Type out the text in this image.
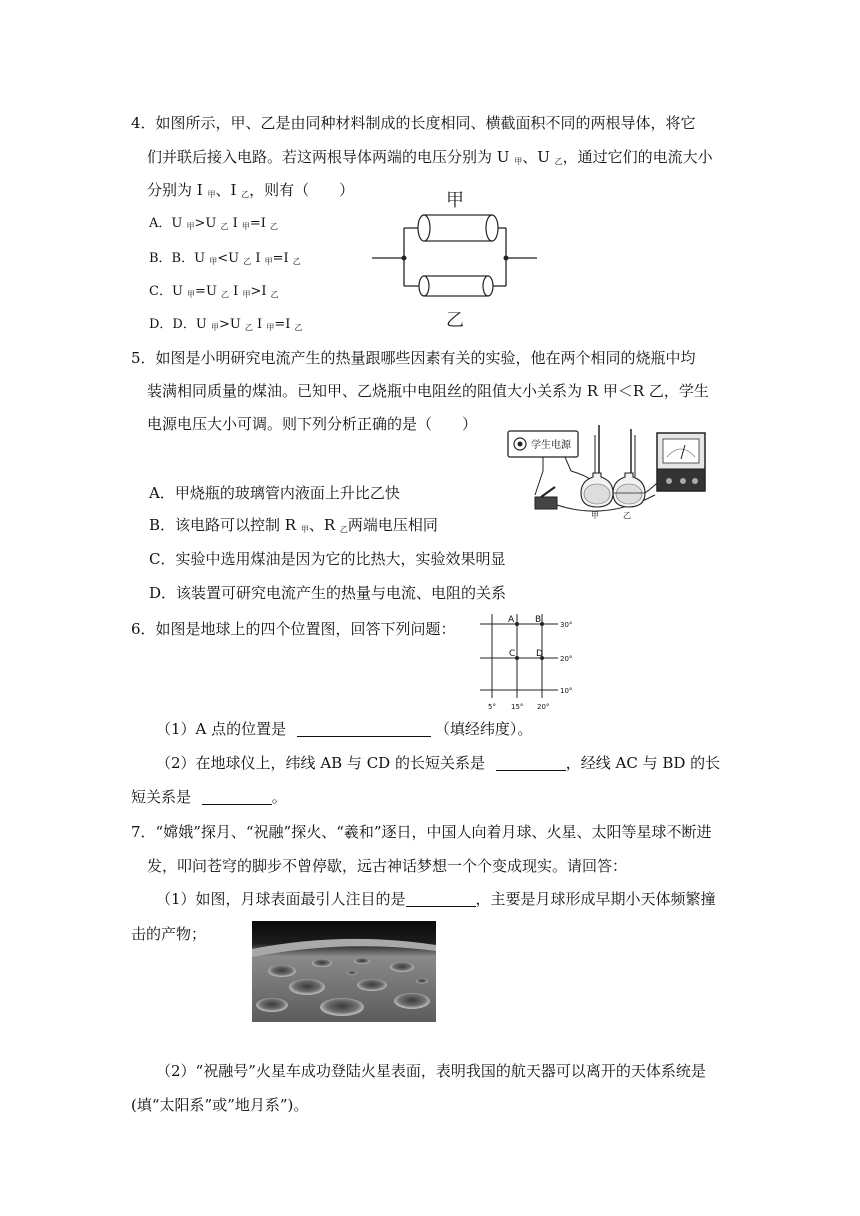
4．如图所示，甲、乙是由同种材料制成的长度相同、横截面积不同的两根导体，将它
们并联后接入电路。若这两根导体两端的电压分别为 U $_甲$、U $_乙$，通过它们的电流大小
分别为 I $_甲$、I $_乙$，则有（　　）
A．U $_甲$>U $_乙$ I $_甲$=I $_乙$
B．B．U $_甲$<U $_乙$ I $_甲$=I $_乙$
C．U $_甲$=U $_乙$ I $_甲$>I $_乙$
D．D．U $_甲$>U $_乙$ I $_甲$=I $_乙$
甲
乙
5．如图是小明研究电流产生的热量跟哪些因素有关的实验，他在两个相同的烧瓶中均
装满相同质量的煤油。已知甲、乙烧瓶中电阻丝的阻值大小关系为 R 甲＜R 乙，学生
电源电压大小可调。则下列分析正确的是（　　）
A．甲烧瓶的玻璃管内液面上升比乙快
B．该电路可以控制 R $_甲$、R $_乙$两端电压相同
C．实验中选用煤油是因为它的比热大，实验效果明显
D．该装置可研究电流产生的热量与电流、电阻的关系
学生电源
甲	乙
6．如图是地球上的四个位置图，回答下列问题：	A B
C D
30°
20°
10°
5° 15° 20°
（1）A 点的位置是	（填经纬度）。
（2）在地球仪上，纬线 AB 与 CD 的长短关系是	，经线 AC 与 BD 的长
短关系是	。
7．“嫦娥”探月、“祝融”探火、“羲和”逐日，中国人向着月球、火星、太阳等星球不断进
发，叩问苍穹的脚步不曾停歇，远古神话梦想一个个变成现实。请回答：
（1）如图，月球表面最引人注目的是	，主要是月球形成早期小天体频繁撞
击的产物；
（2）“祝融号”火星车成功登陆火星表面，表明我国的航天器可以离开的天体系统是
(填“太阳系”或”地月系”)。
